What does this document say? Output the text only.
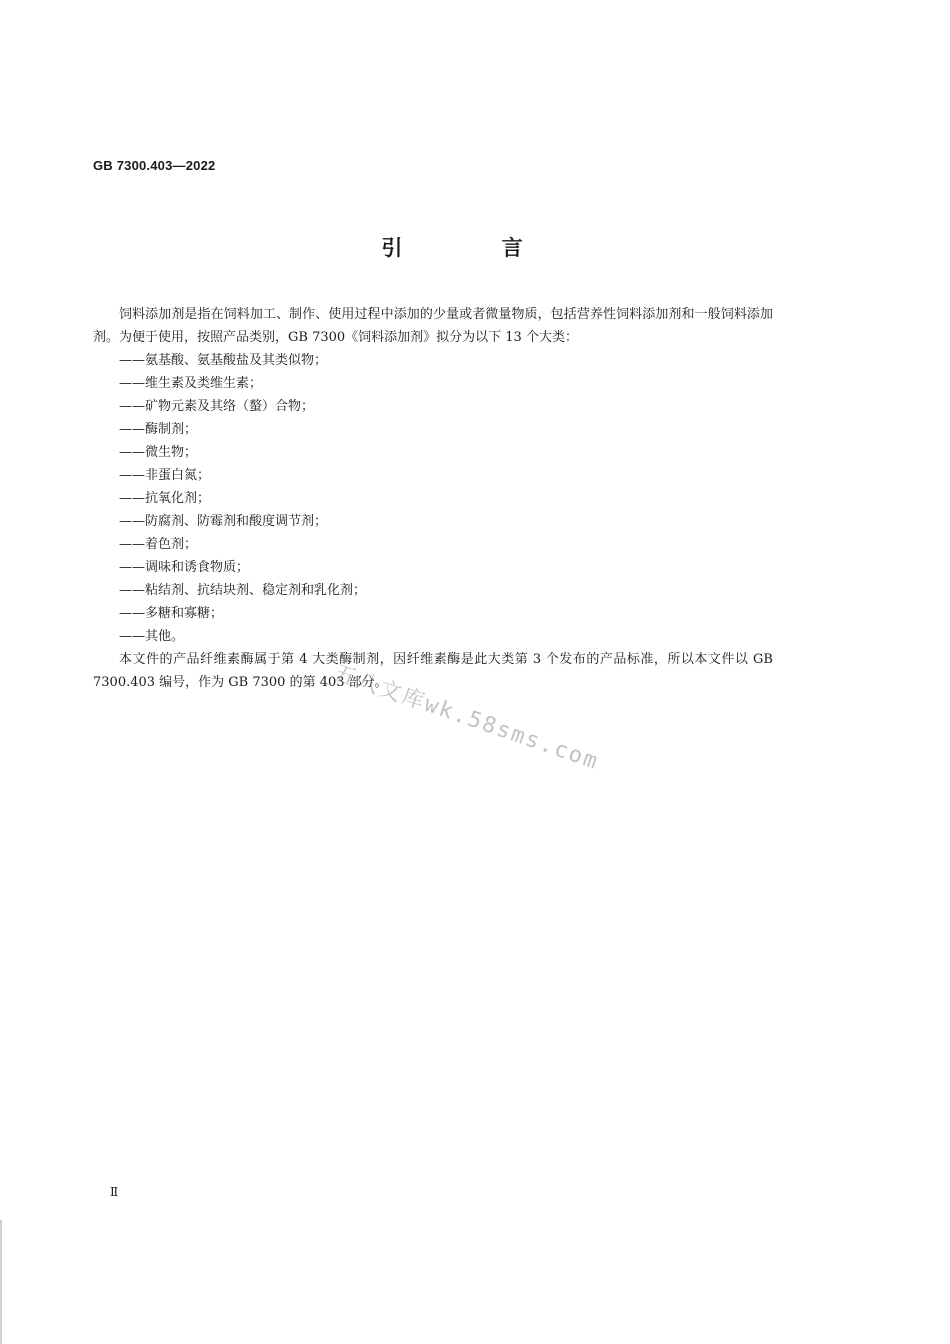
GB 7300.403—2022
引 言

饲料添加剂是指在饲料加工、制作、使用过程中添加的少量或者微量物质，包括营养性饲料添加剂和一般饲料添加剂。为便于使用，按照产品类别，GB 7300《饲料添加剂》拟分为以下 13 个大类：

——氨基酸、氨基酸盐及其类似物；
——维生素及类维生素；
——矿物元素及其络（螯）合物；
——酶制剂；
——微生物；
——非蛋白氮；
——抗氧化剂；
——防腐剂、防霉剂和酸度调节剂；
——着色剂；
——调味和诱食物质；
——粘结剂、抗结块剂、稳定剂和乳化剂；
——多糖和寡糖；
——其他。

本文件的产品纤维素酶属于第 4 大类酶制剂，因纤维素酶是此大类第 3 个发布的产品标准，所以本文件以 GB 7300.403 编号，作为 GB 7300 的第 403 部分。

五八文库wk.58sms.com
Ⅱ
